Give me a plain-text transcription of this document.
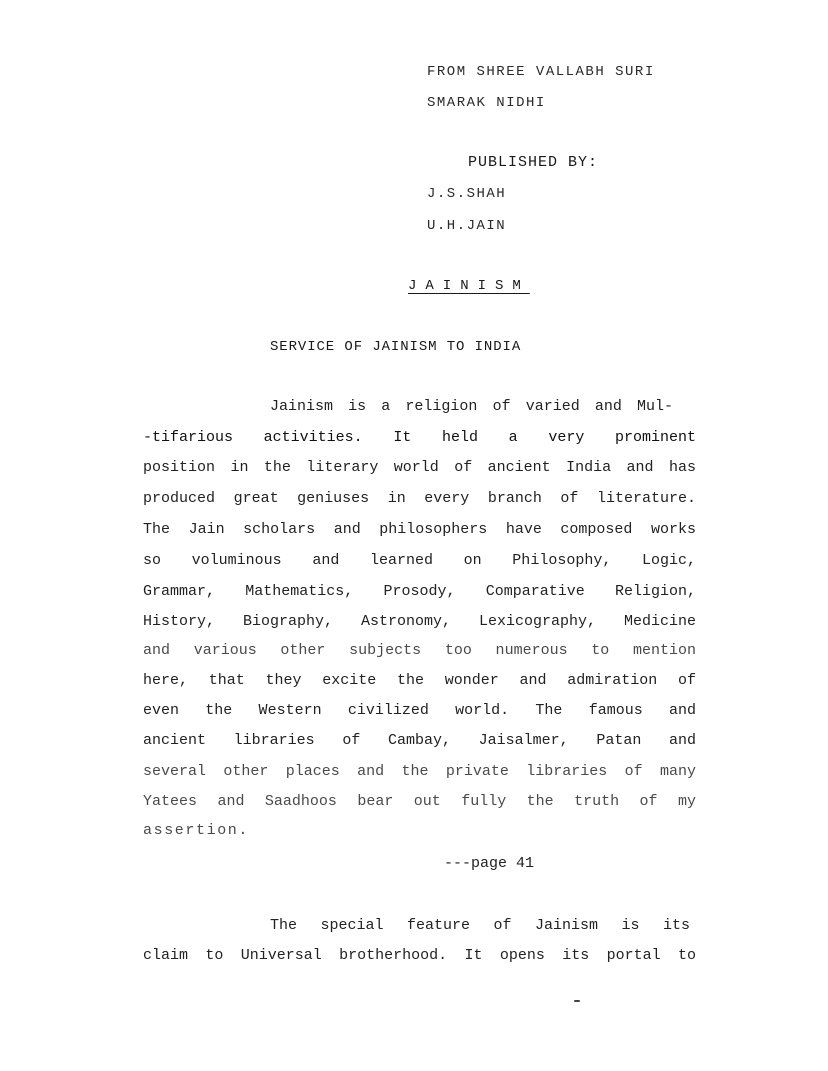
FROM SHREE VALLABH SURI
SMARAK NIDHI
PUBLISHED BY:
J.S.SHAH
U.H.JAIN
JAINISM
SERVICE OF JAINISM TO INDIA
Jainism is a religion of varied and Mul-
-tifarious activities. It held a very prominent
position in the literary world of ancient India and has
produced great geniuses in every branch of literature.
The Jain scholars and philosophers have composed works
so voluminous and learned on Philosophy, Logic,
Grammar, Mathematics, Prosody, Comparative Religion,
History, Biography, Astronomy, Lexicography, Medicine
and various other subjects too numerous to mention
here, that they excite the wonder and admiration of
even the Western civilized world. The famous and
ancient libraries of Cambay, Jaisalmer, Patan and
several other places and the private libraries of many
Yatees and Saadhoos bear out fully the truth of my
assertion.
---page 41
The special feature of Jainism is its
claim to Universal brotherhood. It opens its portal to
